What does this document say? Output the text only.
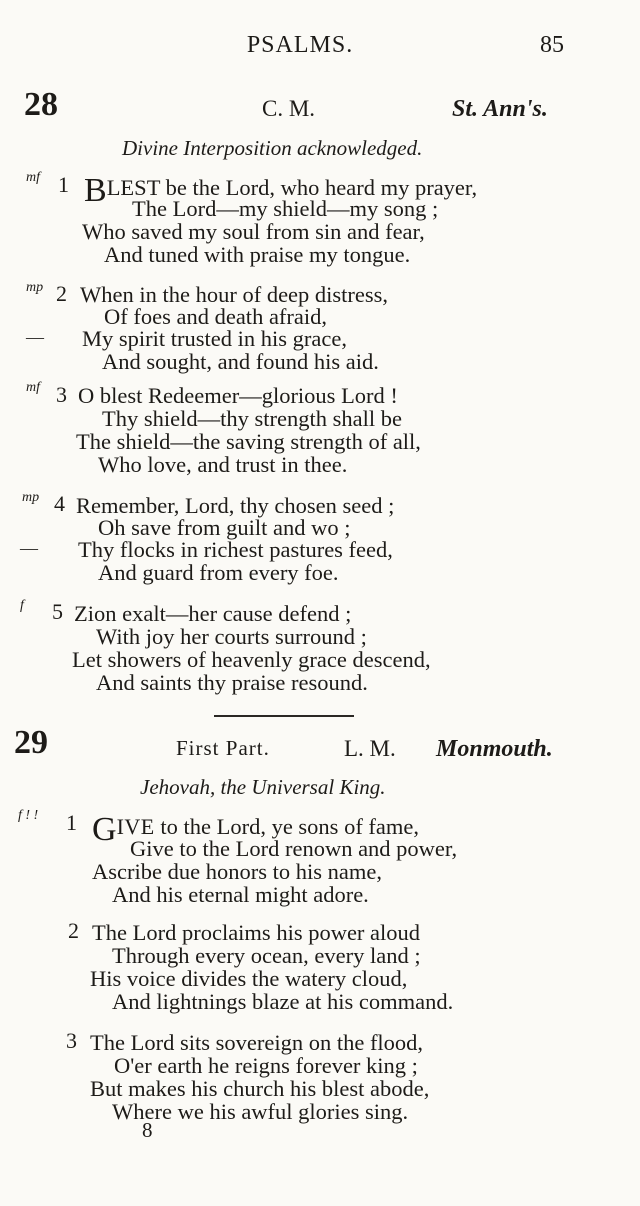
PSALMS.	85
28	C. M.	St. Ann's.
Divine Interposition acknowledged.
mf 1 BLEST be the Lord, who heard my prayer,
The Lord—my shield—my song ;
Who saved my soul from sin and fear,
And tuned with praise my tongue.
mp 2 When in the hour of deep distress,
Of foes and death afraid,
— My spirit trusted in his grace,
And sought, and found his aid.
mf 3 O blest Redeemer—glorious Lord !
Thy shield—thy strength shall be
The shield—the saving strength of all,
Who love, and trust in thee.
mp 4 Remember, Lord, thy chosen seed ;
Oh save from guilt and wo ;
— Thy flocks in richest pastures feed,
And guard from every foe.
f 5 Zion exalt—her cause defend ;
With joy her courts surround ;
Let showers of heavenly grace descend,
And saints thy praise resound.
29	First Part.	L. M. Monmouth.
Jehovah, the Universal King.
f ! ! 1 GIVE to the Lord, ye sons of fame,
Give to the Lord renown and power,
Ascribe due honors to his name,
And his eternal might adore.
2 The Lord proclaims his power aloud
Through every ocean, every land ;
His voice divides the watery cloud,
And lightnings blaze at his command.
3 The Lord sits sovereign on the flood,
O'er earth he reigns forever king ;
But makes his church his blest abode,
Where we his awful glories sing.
8
